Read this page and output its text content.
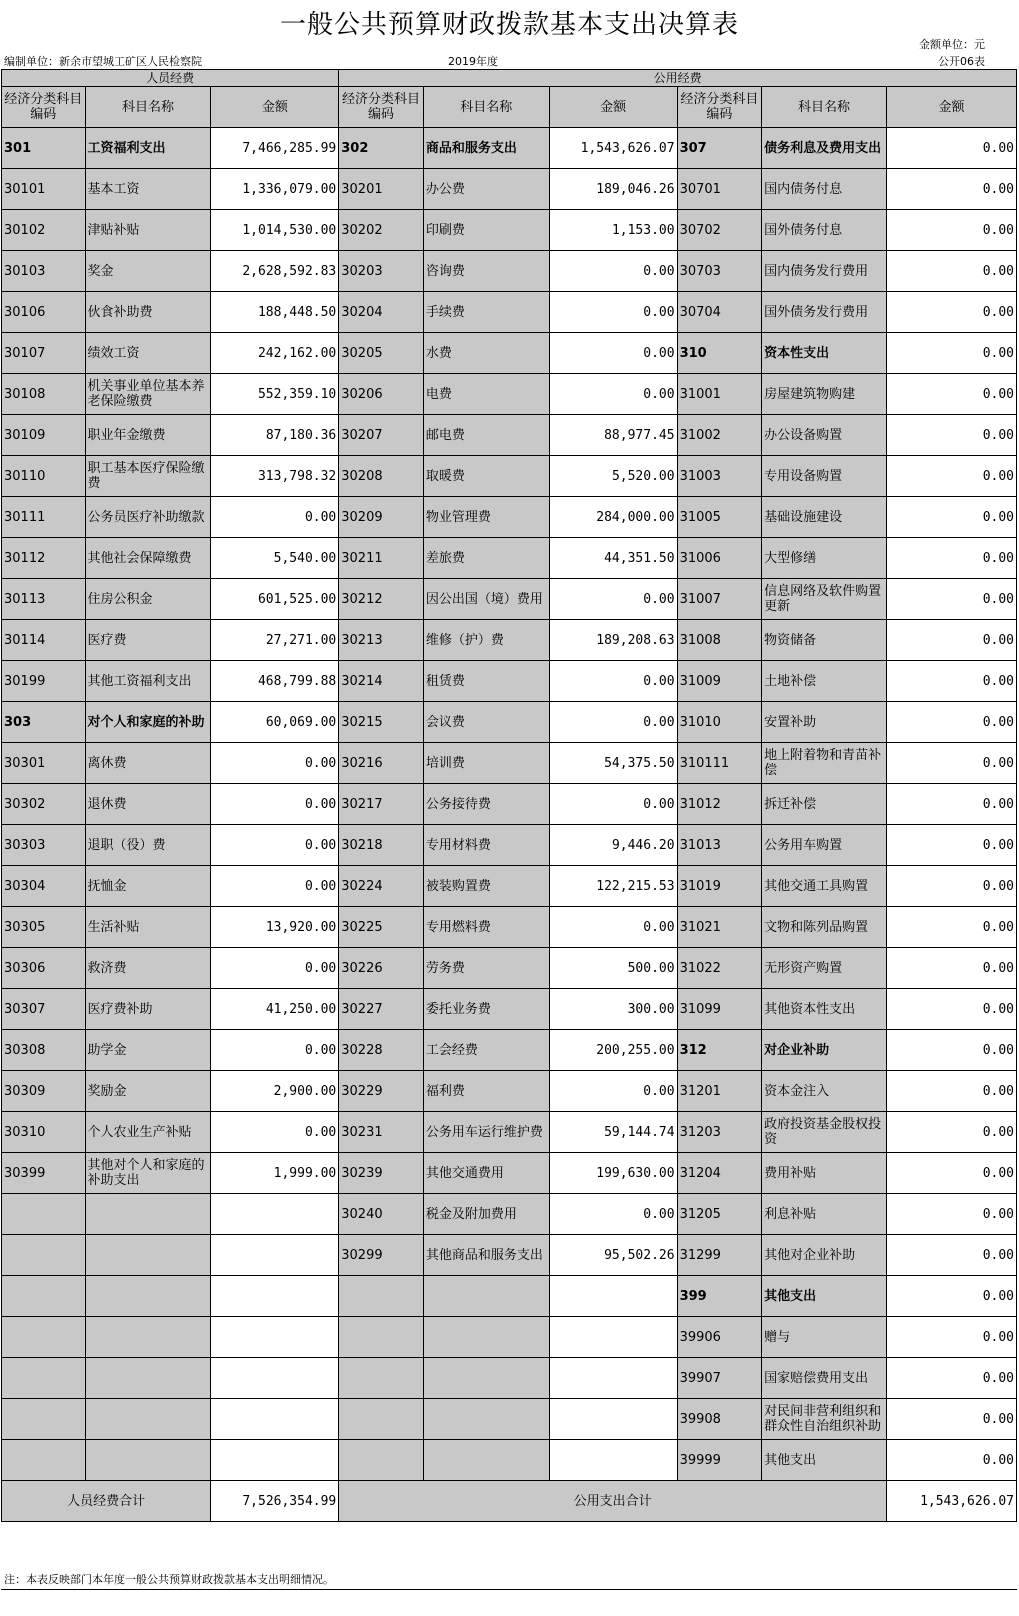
一般公共预算财政拨款基本支出决算表
金额单位：元
编制单位：新余市望城工矿区人民检察院	2019年度	公开06表
人员经费			公用经费					
经济分类科目编码	科目名称	金额	经济分类科目编码	科目名称	金额	经济分类科目编码	科目名称	金额
301	工资福利支出	7,466,285.99	302	商品和服务支出	1,543,626.07	307	债务利息及费用支出	0.00
30101	基本工资	1,336,079.00	30201	办公费	189,046.26	30701	国内债务付息	0.00
30102	津贴补贴	1,014,530.00	30202	印刷费	1,153.00	30702	国外债务付息	0.00
30103	奖金	2,628,592.83	30203	咨询费	0.00	30703	国内债务发行费用	0.00
30106	伙食补助费	188,448.50	30204	手续费	0.00	30704	国外债务发行费用	0.00
30107	绩效工资	242,162.00	30205	水费	0.00	310	资本性支出	0.00
30108	机关事业单位基本养老保险缴费	552,359.10	30206	电费	0.00	31001	房屋建筑物购建	0.00
30109	职业年金缴费	87,180.36	30207	邮电费	88,977.45	31002	办公设备购置	0.00
30110	职工基本医疗保险缴费	313,798.32	30208	取暖费	5,520.00	31003	专用设备购置	0.00
30111	公务员医疗补助缴款	0.00	30209	物业管理费	284,000.00	31005	基础设施建设	0.00
30112	其他社会保障缴费	5,540.00	30211	差旅费	44,351.50	31006	大型修缮	0.00
30113	住房公积金	601,525.00	30212	因公出国（境）费用	0.00	31007	信息网络及软件购置更新	0.00
30114	医疗费	27,271.00	30213	维修（护）费	189,208.63	31008	物资储备	0.00
30199	其他工资福利支出	468,799.88	30214	租赁费	0.00	31009	土地补偿	0.00
303	对个人和家庭的补助	60,069.00	30215	会议费	0.00	31010	安置补助	0.00
30301	离休费	0.00	30216	培训费	54,375.50	310111	地上附着物和青苗补偿	0.00
30302	退休费	0.00	30217	公务接待费	0.00	31012	拆迁补偿	0.00
30303	退职（役）费	0.00	30218	专用材料费	9,446.20	31013	公务用车购置	0.00
30304	抚恤金	0.00	30224	被装购置费	122,215.53	31019	其他交通工具购置	0.00
30305	生活补贴	13,920.00	30225	专用燃料费	0.00	31021	文物和陈列品购置	0.00
30306	救济费	0.00	30226	劳务费	500.00	31022	无形资产购置	0.00
30307	医疗费补助	41,250.00	30227	委托业务费	300.00	31099	其他资本性支出	0.00
30308	助学金	0.00	30228	工会经费	200,255.00	312	对企业补助	0.00
30309	奖励金	2,900.00	30229	福利费	0.00	31201	资本金注入	0.00
30310	个人农业生产补贴	0.00	30231	公务用车运行维护费	59,144.74	31203	政府投资基金股权投资	0.00
30399	其他对个人和家庭的补助支出	1,999.00	30239	其他交通费用	199,630.00	31204	费用补贴	0.00
			30240	税金及附加费用	0.00	31205	利息补贴	0.00
			30299	其他商品和服务支出	95,502.26	31299	其他对企业补助	0.00
						399	其他支出	0.00
						39906	赠与	0.00
						39907	国家赔偿费用支出	0.00
						39908	对民间非营利组织和群众性自治组织补助	0.00
						39999	其他支出	0.00
人员经费合计		7,526,354.99	公用支出合计					1,543,626.07
注：本表反映部门本年度一般公共预算财政拨款基本支出明细情况。
